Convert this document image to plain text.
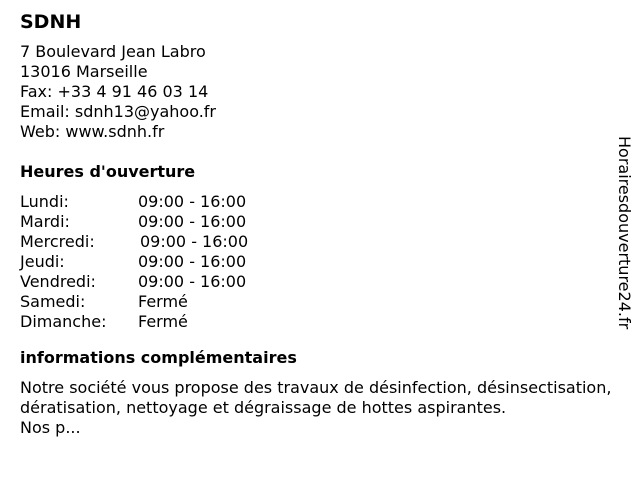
SDNH
7 Boulevard Jean Labro
13016 Marseille
Fax: +33 4 91 46 03 14
Email: sdnh13@yahoo.fr
Web: www.sdnh.fr
Heures d'ouverture
Lundi:	09:00 - 16:00
Mardi:	09:00 - 16:00
Mercredi:	09:00 - 16:00
Jeudi:	09:00 - 16:00
Vendredi:	09:00 - 16:00
Samedi:	Fermé
Dimanche: Fermé
informations complémentaires

Notre société vous propose des travaux de désinfection, désinsectisation, dératisation, nettoyage et dégraissage de hottes aspirantes.
Nos p...

Horairesdouverture24.fr
